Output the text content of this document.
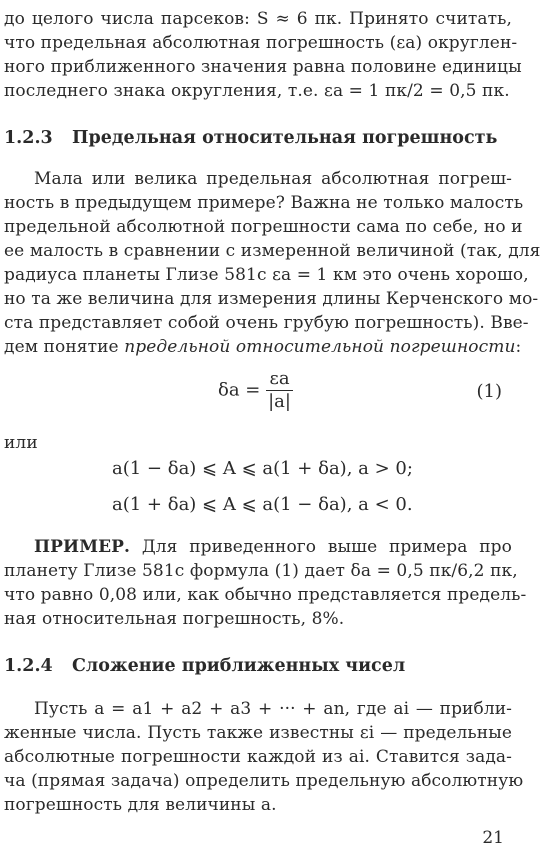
до целого числа парсеков: S ≈ 6 пк. Принято считать,
что предельная абсолютная погрешность (εa) округлен-
ного приближенного значения равна половине единицы
последнего знака округления, т.е. εa = 1 пк/2 = 0,5 пк.
1.2.3 Предельная относительная погрешность
Мала или велика предельная абсолютная погреш-
ность в предыдущем примере? Важна не только малость
предельной абсолютной погрешности сама по себе, но и
ее малость в сравнении с измеренной величиной (так, для
радиуса планеты Глизе 581c εa = 1 км это очень хорошо,
но та же величина для измерения длины Керченского мо-
ста представляет собой очень грубую погрешность). Вве-
дем понятие предельной относительной погрешности:
$\delta a = \frac{\varepsilon a}{|a|}$	(1)
или
a(1 − δa) ⩽ A ⩽ a(1 + δa), a > 0;
a(1 + δa) ⩽ A ⩽ a(1 − δa), a < 0.
ПРИМЕР. Для приведенного выше примера про
планету Глизе 581c формула (1) дает δa = 0,5 пк/6,2 пк,
что равно 0,08 или, как обычно представляется предель-
ная относительная погрешность, 8%.
1.2.4 Сложение приближенных чисел
Пусть a = a1 + a2 + a3 + ··· + an, где ai — прибли-
женные числа. Пусть также известны εi — предельные
абсолютные погрешности каждой из ai. Ставится зада-
ча (прямая задача) определить предельную абсолютную
погрешность для величины a.
21
